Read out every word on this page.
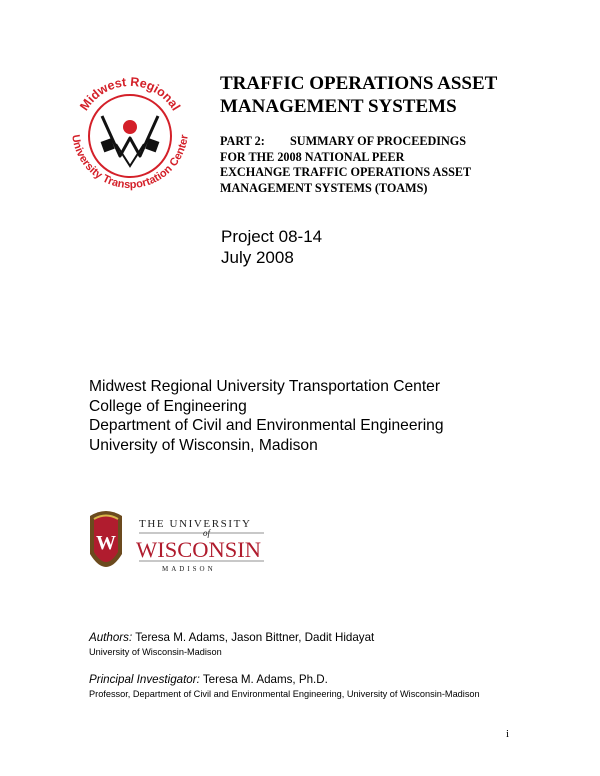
Midwest Regional
University Transportation Center
TRAFFIC OPERATIONS ASSET
MANAGEMENT SYSTEMS
PART 2: SUMMARY OF PROCEEDINGS
FOR THE 2008 NATIONAL PEER
EXCHANGE TRAFFIC OPERATIONS ASSET
MANAGEMENT SYSTEMS (TOAMS)
Project 08-14
July 2008
Midwest Regional University Transportation Center
College of Engineering
Department of Civil and Environmental Engineering
University of Wisconsin, Madison
W
THE UNIVERSITY
of
WISCONSIN
MADISON
Authors: Teresa M. Adams, Jason Bittner, Dadit Hidayat
University of Wisconsin-Madison
Principal Investigator: Teresa M. Adams, Ph.D.
Professor, Department of Civil and Environmental Engineering, University of Wisconsin-Madison
i
